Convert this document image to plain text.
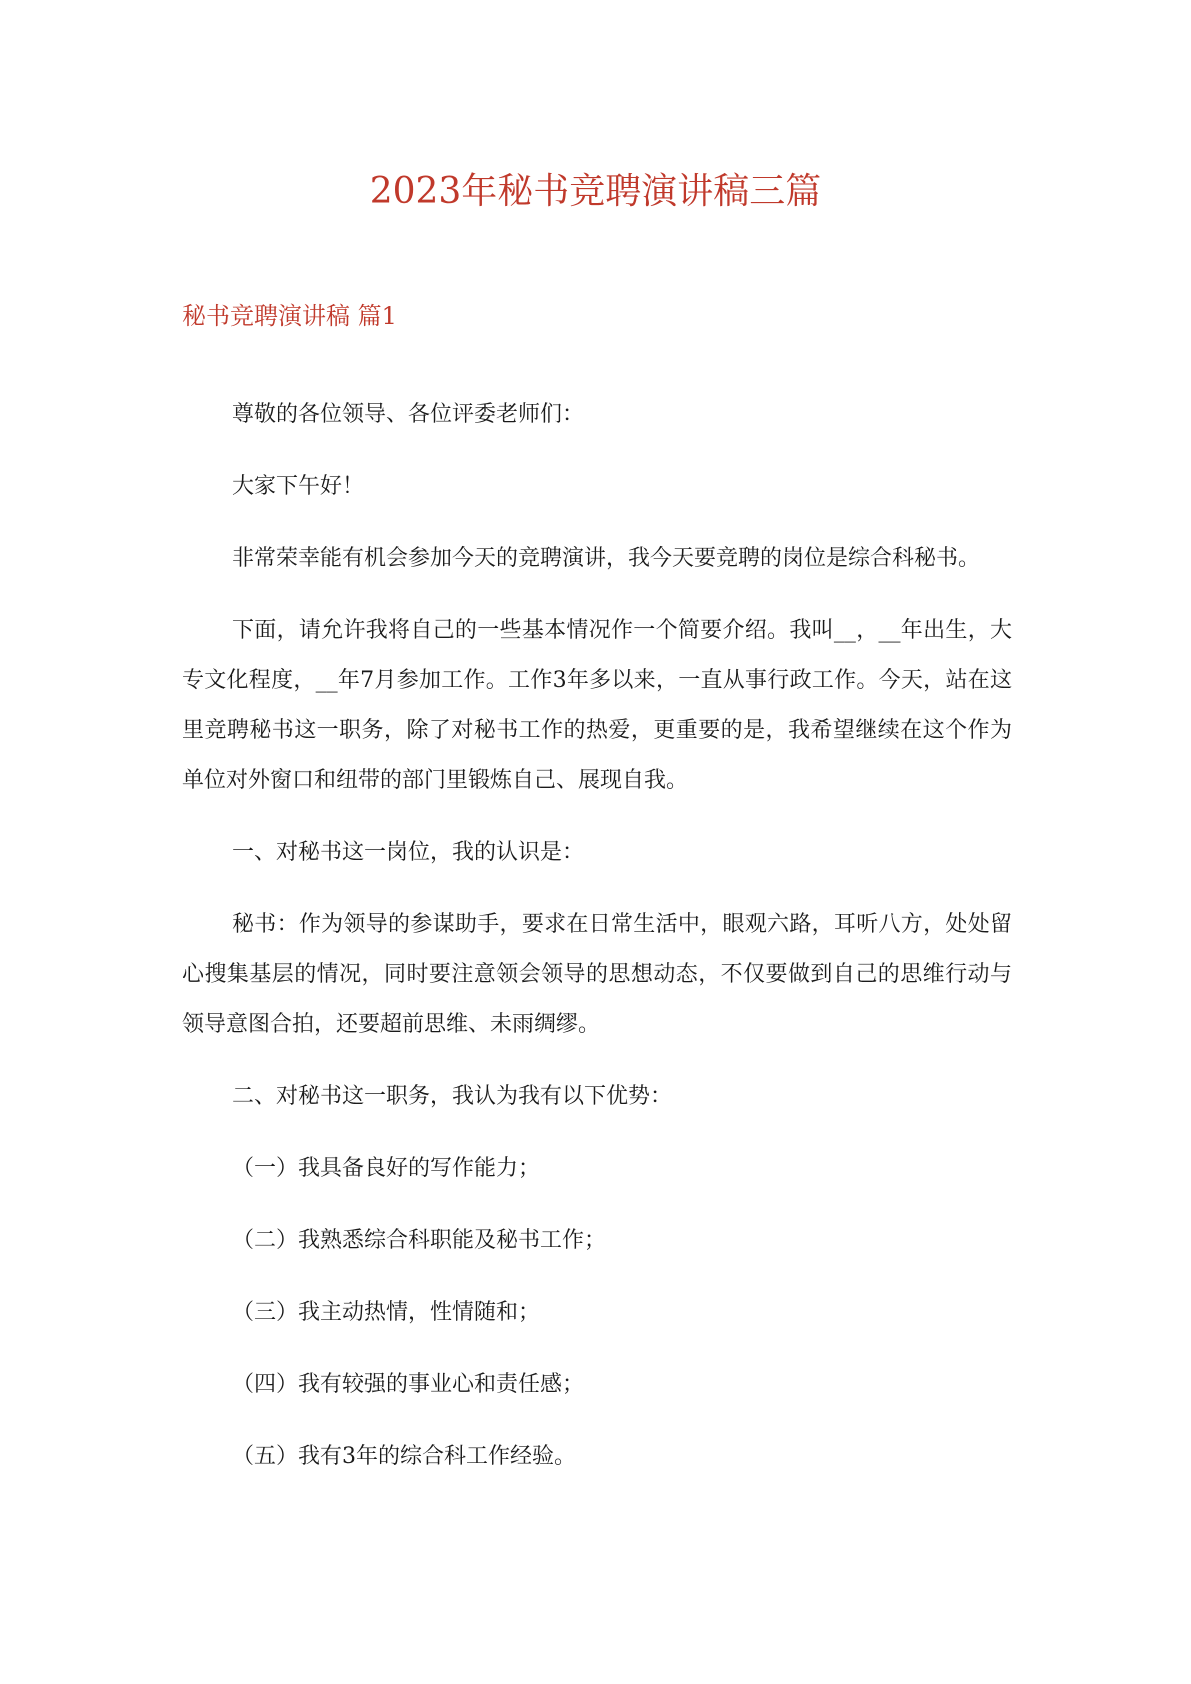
2023年秘书竞聘演讲稿三篇
秘书竞聘演讲稿 篇1

尊敬的各位领导、各位评委老师们：

大家下午好！

非常荣幸能有机会参加今天的竞聘演讲，我今天要竞聘的岗位是综合科秘书。

下面，请允许我将自己的一些基本情况作一个简要介绍。我叫__，__年出生，大专文化程度，__年7月参加工作。工作3年多以来，一直从事行政工作。今天，站在这里竞聘秘书这一职务，除了对秘书工作的热爱，更重要的是，我希望继续在这个作为单位对外窗口和纽带的部门里锻炼自己、展现自我。

一、对秘书这一岗位，我的认识是：

秘书：作为领导的参谋助手，要求在日常生活中，眼观六路，耳听八方，处处留心搜集基层的情况，同时要注意领会领导的思想动态，不仅要做到自己的思维行动与领导意图合拍，还要超前思维、未雨绸缪。

二、对秘书这一职务，我认为我有以下优势：

（一）我具备良好的写作能力；

（二）我熟悉综合科职能及秘书工作；

（三）我主动热情，性情随和；

（四）我有较强的事业心和责任感；

（五）我有3年的综合科工作经验。
